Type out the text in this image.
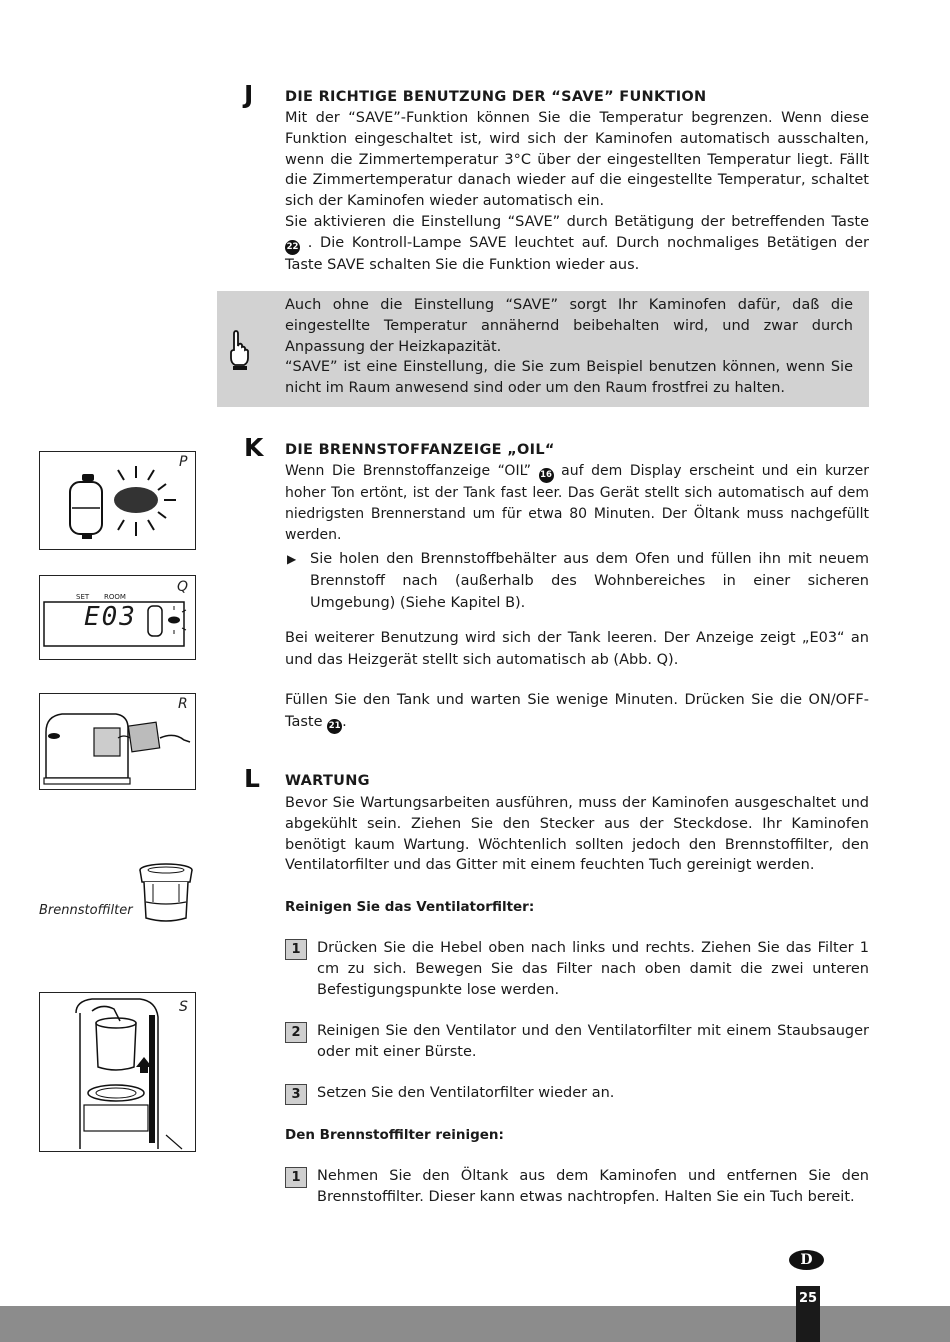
J DIE RICHTIGE BENUTZUNG DER “SAVE” FUNKTION

Mit der “SAVE”-Funktion können Sie die Temperatur begrenzen. Wenn diese Funktion eingeschaltet ist, wird sich der Kaminofen automatisch ausschalten, wenn die Zimmertemperatur 3°C über der eingestellten Temperatur liegt. Fällt die Zimmertemperatur danach wieder auf die eingestellte Temperatur, schaltet sich der Kaminofen wieder automatisch ein.

Sie aktivieren die Einstellung “SAVE” durch Betätigung der betreffenden Taste 22 . Die Kontroll-Lampe SAVE leuchtet auf. Durch nochmaliges Betätigen der Taste SAVE schalten Sie die Funktion wieder aus.

Auch ohne die Einstellung “SAVE” sorgt Ihr Kaminofen dafür, daß die eingestellte Temperatur annähernd beibehalten wird, und zwar durch Anpassung der Heizkapazität.

“SAVE” ist eine Einstellung, die Sie zum Beispiel benutzen können, wenn Sie nicht im Raum anwesend sind oder um den Raum frostfrei zu halten.

K DIE BRENNSTOFFANZEIGE „OIL“
Wenn Die Brennstoffanzeige “OIL” 16 auf dem Display erscheint und ein kurzer hoher Ton ertönt, ist der Tank fast leer. Das Gerät stellt sich automatisch auf dem niedrigsten Brennerstand um für etwa 80 Minuten. Der Öltank muss nachgefüllt werden.
▶ Sie holen den Brennstoffbehälter aus dem Ofen und füllen ihn mit neuem Brennstoff nach (außerhalb des Wohnbereiches in einer sicheren Umgebung) (Siehe Kapitel B).
Bei weiterer Benutzung wird sich der Tank leeren. Der Anzeige zeigt „E03“ an und das Heizgerät stellt sich automatisch ab (Abb. Q).
Füllen Sie den Tank und warten Sie wenige Minuten. Drücken Sie die ON/OFF-Taste 21 .
L WARTUNG
Bevor Sie Wartungsarbeiten ausführen, muss der Kaminofen ausgeschaltet und abgekühlt sein. Ziehen Sie den Stecker aus der Steckdose. Ihr Kaminofen benötigt kaum Wartung. Wöchtenlich sollten jedoch den Brennstoffilter, den Ventilatorfilter und das Gitter mit einem feuchten Tuch gereinigt werden.
Reinigen Sie das Ventilatorfilter:
1	Drücken Sie die Hebel oben nach links und rechts. Ziehen Sie das Filter 1 cm zu sich. Bewegen Sie das Filter nach oben damit die zwei unteren Befestigungspunkte lose werden.
2	Reinigen Sie den Ventilator und den Ventilatorfilter mit einem Staubsauger oder mit einer Bürste.
3	Setzen Sie den Ventilatorfilter wieder an.
Den Brennstoffilter reinigen:
1	Nehmen Sie den Öltank aus dem Kaminofen und entfernen Sie den Brennstoffilter. Dieser kann etwas nachtropfen. Halten Sie ein Tuch bereit.
P
SET ROOM
E03
Q
R
Brennstoffilter
S
D
25
